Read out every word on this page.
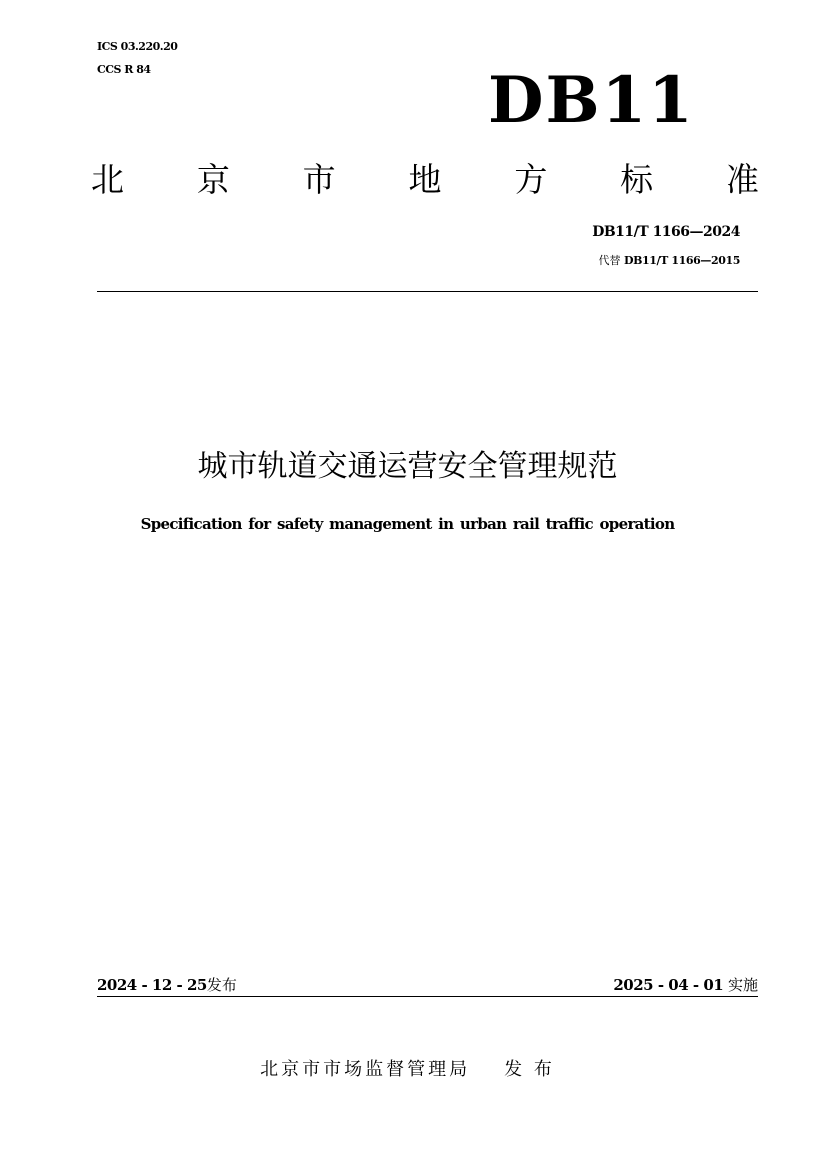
ICS 03.220.20
CCS R 84	DB11
北 京 市 地 方 标 准
DB11/T 1166—2024
代替 DB11/T 1166—2015
城市轨道交通运营安全管理规范
Specification for safety management in urban rail traffic operation
2024 - 12 - 25发布	2025 - 04 - 01 实施
北京市市场监督管理局 发 布
